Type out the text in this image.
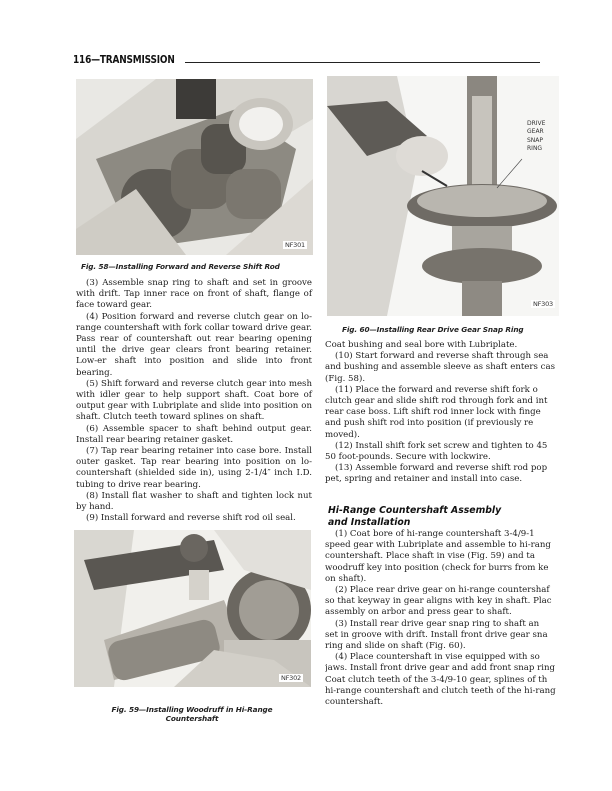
116—TRANSMISSION
NF301
Fig. 58—Installing Forward and Reverse Shift Rod

(3) Assemble snap ring to shaft and set in groove with drift. Tap inner race on front of shaft, flange of face toward gear.

(4) Position forward and reverse clutch gear on lo-range countershaft with fork collar toward drive gear. Pass rear of countershaft out rear bearing opening until the drive gear clears front bearing retainer. Low-er shaft into position and slide into front bearing.

(5) Shift forward and reverse clutch gear into mesh with idler gear to help support shaft. Coat bore of output gear with Lubriplate and slide into position on shaft. Clutch teeth toward splines on shaft.

(6) Assemble spacer to shaft behind output gear. Install rear bearing retainer gasket.

(7) Tap rear bearing retainer into case bore. Install outer gasket. Tap rear bearing into position on lo-countershaft (shielded side in), using 2-1/4″ inch I.D. tubing to drive rear bearing.

(8) Install flat washer to shaft and tighten lock nut by hand.

(9) Install forward and reverse shift rod oil seal.

NF302
Fig. 59—Installing Woodruff in Hi-Range
Countershaft
DRIVE
GEAR
SNAP
RING
NF303
Fig. 60—Installing Rear Drive Gear Snap Ring

Coat bushing and seal bore with Lubriplate.

(10) Start forward and reverse shaft through sea

and bushing and assemble sleeve as shaft enters cas

(Fig. 58).

(11) Place the forward and reverse shift fork o

clutch gear and slide shift rod through fork and int

rear case boss. Lift shift rod inner lock with finge

and push shift rod into position (if previously re

moved).

(12) Install shift fork set screw and tighten to 45

50 foot-pounds. Secure with lockwire.

(13) Assemble forward and reverse shift rod pop

pet, spring and retainer and install into case.

Hi-Range Countershaft Assembly
and Installation

(1) Coat bore of hi-range countershaft 3-4/9-1

speed gear with Lubriplate and assemble to hi-rang

countershaft. Place shaft in vise (Fig. 59) and ta

woodruff key into position (check for burrs from ke

on shaft).

(2) Place rear drive gear on hi-range countershaf

so that keyway in gear aligns with key in shaft. Plac

assembly on arbor and press gear to shaft.

(3) Install rear drive gear snap ring to shaft an

set in groove with drift. Install front drive gear sna

ring and slide on shaft (Fig. 60).

(4) Place countershaft in vise equipped with so

jaws. Install front drive gear and add front snap ring

Coat clutch teeth of the 3-4/9-10 gear, splines of th

hi-range countershaft and clutch teeth of the hi-rang

countershaft.
